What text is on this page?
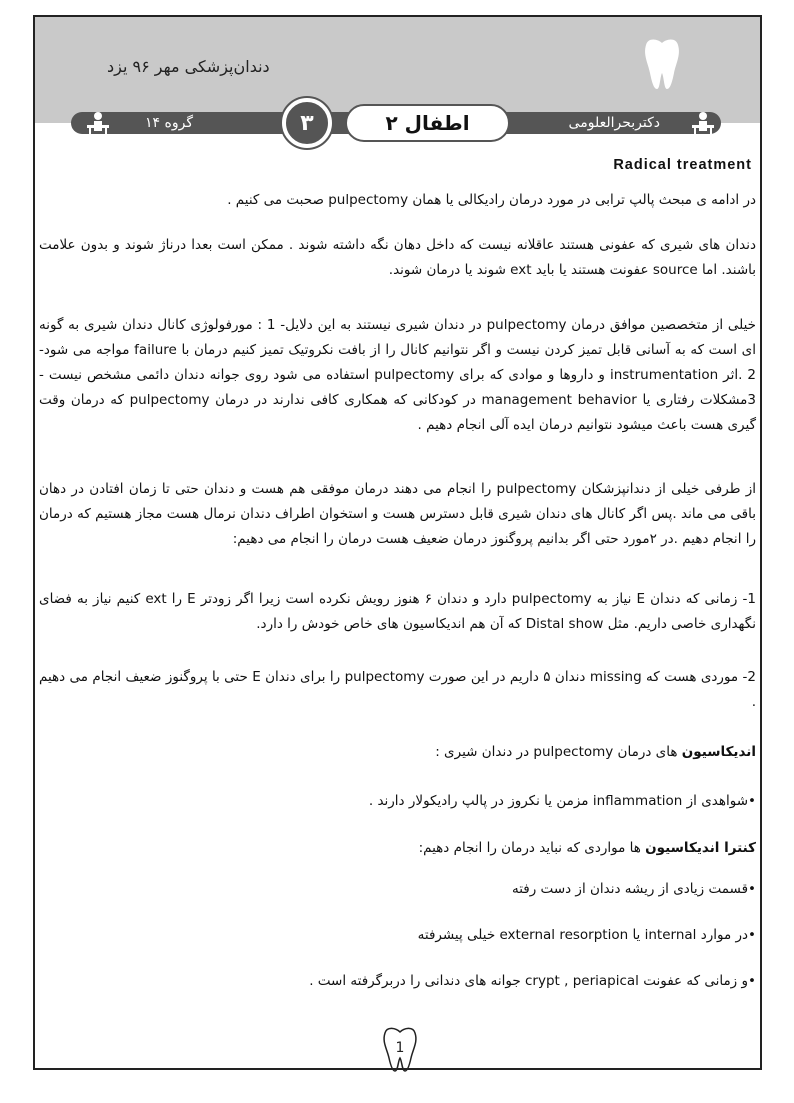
دندان‌پزشکی مهر ۹۶ یزد
گروه ۱۴	۳	اطفال ۲	دکتربحرالعلومی
Radical treatment
در ادامه ی مبحث پالپ ترابی در مورد درمان رادیکالی یا همان pulpectomy صحبت می کنیم .
دندان های شیری که عفونی هستند عاقلانه نیست که داخل دهان نگه داشته شوند . ممکن است بعدا درناژ شوند و بدون علامت باشند. اما source عفونت هستند یا باید ext شوند یا درمان شوند.
خیلی از متخصصین موافق درمان pulpectomy در دندان شیری نیستند به این دلایل- 1 : مورفولوژی کانال دندان شیری به گونه ای است که به آسانی قابل تمیز کردن نیست و اگر نتوانیم کانال را از بافت نکروتیک تمیز کنیم درمان با failure مواجه می شود- 2 .اثر instrumentation و داروها و موادی که برای pulpectomy استفاده می شود روی جوانه دندان دائمی مشخص نیست - 3مشکلات رفتاری یا management behavior در کودکانی که همکاری کافی ندارند در درمان pulpectomy که درمان وقت گیری هست باعث میشود نتوانیم درمان ایده آلی انجام دهیم .
از طرفی خیلی از دندانپزشکان pulpectomy را انجام می دهند درمان موفقی هم هست و دندان حتی تا زمان افتادن در دهان باقی می ماند .پس اگر کانال های دندان شیری قابل دسترس هست و استخوان اطراف دندان نرمال هست مجاز هستیم که درمان را انجام دهیم .در ۲مورد حتی اگر بدانیم پروگنوز درمان ضعیف هست درمان را انجام می دهیم:
1- زمانی که دندان E نیاز به pulpectomy دارد و دندان ۶ هنوز رویش نکرده است زیرا اگر زودتر E را ext کنیم نیاز به فضای نگهداری خاصی داریم. مثل Distal show که آن هم اندیکاسیون های خاص خودش را دارد.
2- موردی هست که missing دندان ۵ داریم در این صورت pulpectomy را برای دندان E حتی با پروگنوز ضعیف انجام می دهیم .
اندیکاسیون های درمان pulpectomy در دندان شیری :
•شواهدی از inflammation مزمن یا نکروز در پالپ رادیکولار دارند .
کنترا اندیکاسیون ها مواردی که نباید درمان را انجام دهیم:
•قسمت زیادی از ریشه دندان از دست رفته
•در موارد internal یا external resorption خیلی پیشرفته
•و زمانی که عفونت crypt , periapical جوانه های دندانی را دربرگرفته است .
1
